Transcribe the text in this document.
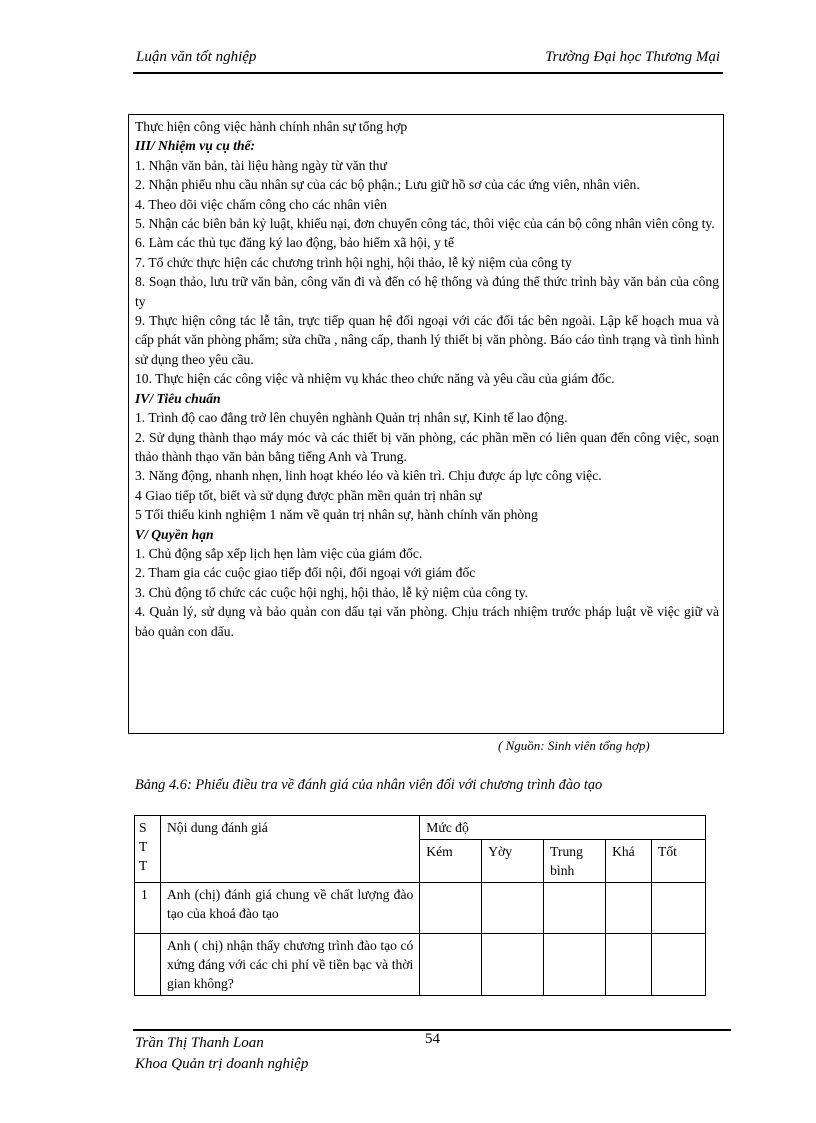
Luận văn tốt nghiệp	Trường Đại học Thương Mại

Thực hiện công việc hành chính nhân sự tổng hợp

III/ Nhiệm vụ cụ thể:

1. Nhận văn bản, tài liệu hàng ngày từ văn thư

2. Nhận phiếu nhu cầu nhân sự của các bộ phận.; Lưu giữ hồ sơ của các ứng viên, nhân viên.

4. Theo dõi việc chấm công cho các nhân viên

5. Nhận các biên bản kỷ luật, khiếu nại, đơn chuyển công tác, thôi việc của cán bộ công nhân viên công ty.

6. Làm các thủ tục đăng ký lao động, bảo hiểm xã hội, y tế

7. Tổ chức thực hiện các chương trình hội nghị, hội thảo, lễ kỷ niệm của công ty

8. Soạn thảo, lưu trữ văn bản, công văn đi và đến có hệ thống và đúng thể thức trình bày văn bản của công ty

9. Thực hiện công tác lễ tân, trực tiếp quan hệ đối ngoại với các đối tác bên ngoài. Lập kế hoạch mua và cấp phát văn phòng phẩm; sửa chữa , nâng cấp, thanh lý thiết bị văn phòng. Báo cáo tình trạng và tình hình sử dụng theo yêu cầu.

10. Thực hiện các công việc và nhiệm vụ khác theo chức năng và yêu cầu của giám đốc.

IV/ Tiêu chuẩn

1. Trình độ cao đẳng trở lên chuyên nghành Quản trị nhân sự, Kinh tế lao động.

2. Sử dụng thành thạo máy móc và các thiết bị văn phòng, các phần mền có liên quan đến công việc, soạn thảo thành thạo văn bản bằng tiếng Anh và Trung.

3. Năng động, nhanh nhẹn, linh hoạt khéo léo và kiên trì. Chịu được áp lực công việc.

4 Giao tiếp tốt, biết và sử dụng được phần mền quản trị nhân sự

5 Tối thiểu kinh nghiệm 1 năm về quản trị nhân sự, hành chính văn phòng

V/ Quyền hạn

1. Chủ động sắp xếp lịch hẹn làm việc của giám đốc.

2. Tham gia các cuộc giao tiếp đối nội, đối ngoại với giám đốc

3. Chủ động tổ chức các cuộc hội nghị, hội thảo, lễ kỷ niệm của công ty.

4. Quản lý, sử dụng và bảo quản con dấu tại văn phòng. Chịu trách nhiệm trước pháp luật về việc giữ và bảo quản con dấu.

( Nguồn: Sinh viên tổng hợp)
Bảng 4.6: Phiếu điều tra về đánh giá của nhân viên đối với chương trình đào tạo
S
T
T	Nội dung đánh giá	Mức độ				
		Kém	Yờy	Trung bình	Khá	Tốt
1	Anh (chị) đánh giá chung về chất lượng đào tạo của khoá đào tạo					
	Anh ( chị) nhận thấy chương trình đào tạo có xứng đáng với các chi phí về tiền bạc và thời gian không?					
54
Trần Thị Thanh Loan
Khoa Quản trị doanh nghiệp
